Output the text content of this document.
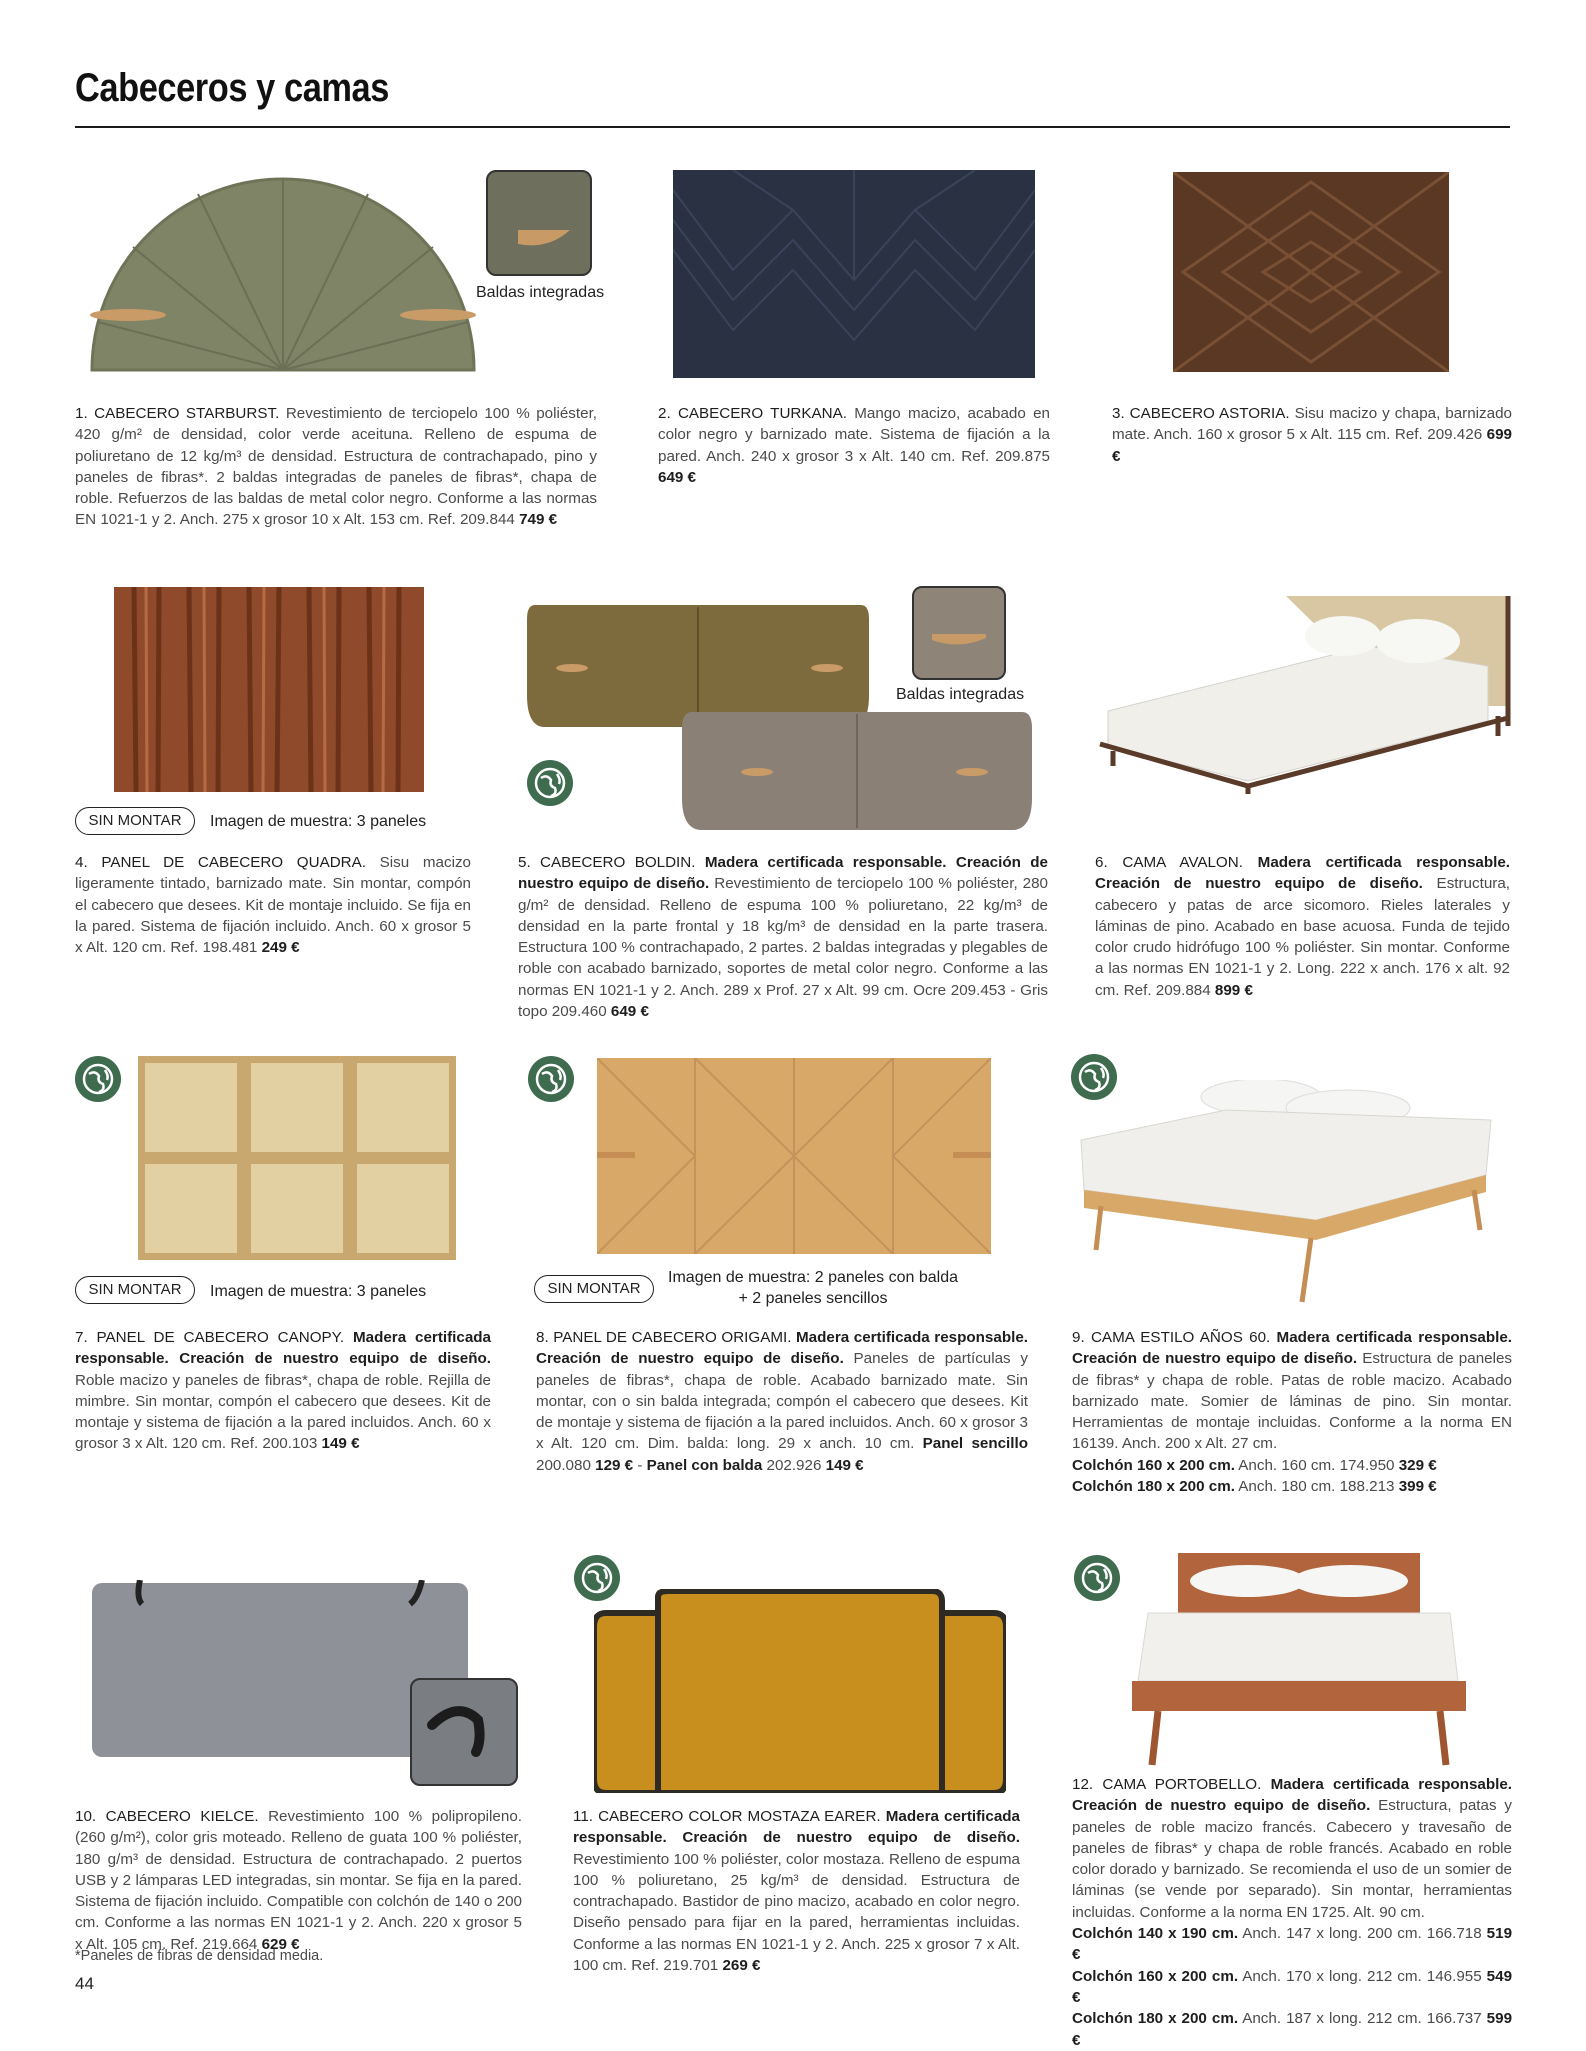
Cabeceros y camas
Baldas integradas
1. CABECERO STARBURST. Revestimiento de terciopelo 100 % poliéster, 420 g/m² de densidad, color verde aceituna. Relleno de espuma de poliuretano de 12 kg/m³ de densidad. Estructura de contrachapado, pino y paneles de fibras*. 2 baldas integradas de paneles de fibras*, chapa de roble. Refuerzos de las baldas de metal color negro. Conforme a las normas EN 1021-1 y 2. Anch. 275 x grosor 10 x Alt. 153 cm. Ref. 209.844 749 €
2. CABECERO TURKANA. Mango macizo, acabado en color negro y barnizado mate. Sistema de fijación a la pared. Anch. 240 x grosor 3 x Alt. 140 cm. Ref. 209.875 649 €
3. CABECERO ASTORIA. Sisu macizo y chapa, barnizado mate. Anch. 160 x grosor 5 x Alt. 115 cm. Ref. 209.426 699 €
SIN MONTAR	Imagen de muestra: 3 paneles
Baldas integradas
4. PANEL DE CABECERO QUADRA. Sisu macizo ligeramente tintado, barnizado mate. Sin montar, compón el cabecero que desees. Kit de montaje incluido. Se fija en la pared. Sistema de fijación incluido. Anch. 60 x grosor 5 x Alt. 120 cm. Ref. 198.481 249 €
5. CABECERO BOLDIN. Madera certificada responsable. Creación de nuestro equipo de diseño. Revestimiento de terciopelo 100 % poliéster, 280 g/m² de densidad. Relleno de espuma 100 % poliuretano, 22 kg/m³ de densidad en la parte frontal y 18 kg/m³ de densidad en la parte trasera. Estructura 100 % contrachapado, 2 partes. 2 baldas integradas y plegables de roble con acabado barnizado, soportes de metal color negro. Conforme a las normas EN 1021-1 y 2. Anch. 289 x Prof. 27 x Alt. 99 cm. Ocre 209.453 - Gris topo 209.460 649 €
6. CAMA AVALON. Madera certificada responsable. Creación de nuestro equipo de diseño. Estructura, cabecero y patas de arce sicomoro. Rieles laterales y láminas de pino. Acabado en base acuosa. Funda de tejido color crudo hidrófugo 100 % poliéster. Sin montar. Conforme a las normas EN 1021-1 y 2. Long. 222 x anch. 176 x alt. 92 cm. Ref. 209.884 899 €
SIN MONTAR	Imagen de muestra: 3 paneles	SIN MONTAR
Imagen de muestra: 2 paneles con balda + 2 paneles sencillos
7. PANEL DE CABECERO CANOPY. Madera certificada responsable. Creación de nuestro equipo de diseño. Roble macizo y paneles de fibras*, chapa de roble. Rejilla de mimbre. Sin montar, compón el cabecero que desees. Kit de montaje y sistema de fijación a la pared incluidos. Anch. 60 x grosor 3 x Alt. 120 cm. Ref. 200.103 149 €
8. PANEL DE CABECERO ORIGAMI. Madera certificada responsable. Creación de nuestro equipo de diseño. Paneles de partículas y paneles de fibras*, chapa de roble. Acabado barnizado mate. Sin montar, con o sin balda integrada; compón el cabecero que desees. Kit de montaje y sistema de fijación a la pared incluidos. Anch. 60 x grosor 3 x Alt. 120 cm. Dim. balda: long. 29 x anch. 10 cm. Panel sencillo 200.080 129 € - Panel con balda 202.926 149 €
9. CAMA ESTILO AÑOS 60. Madera certificada responsable. Creación de nuestro equipo de diseño. Estructura de paneles de fibras* y chapa de roble. Patas de roble macizo. Acabado barnizado mate. Somier de láminas de pino. Sin montar. Herramientas de montaje incluidas. Conforme a la norma EN 16139. Anch. 200 x Alt. 27 cm.
Colchón 160 x 200 cm. Anch. 160 cm. 174.950 329 €
Colchón 180 x 200 cm. Anch. 180 cm. 188.213 399 €
10. CABECERO KIELCE. Revestimiento 100 % polipropileno. (260 g/m²), color gris moteado. Relleno de guata 100 % poliéster, 180 g/m³ de densidad. Estructura de contrachapado. 2 puertos USB y 2 lámparas LED integradas, sin montar. Se fija en la pared. Sistema de fijación incluido. Compatible con colchón de 140 o 200 cm. Conforme a las normas EN 1021-1 y 2. Anch. 220 x grosor 5 x Alt. 105 cm. Ref. 219.664 629 €
11. CABECERO COLOR MOSTAZA EARER. Madera certificada responsable. Creación de nuestro equipo de diseño. Revestimiento 100 % poliéster, color mostaza. Relleno de espuma 100 % poliuretano, 25 kg/m³ de densidad. Estructura de contrachapado. Bastidor de pino macizo, acabado en color negro. Diseño pensado para fijar en la pared, herramientas incluidas. Conforme a las normas EN 1021-1 y 2. Anch. 225 x grosor 7 x Alt. 100 cm. Ref. 219.701 269 €
12. CAMA PORTOBELLO. Madera certificada responsable. Creación de nuestro equipo de diseño. Estructura, patas y paneles de roble macizo francés. Cabecero y travesaño de paneles de fibras* y chapa de roble francés. Acabado en roble color dorado y barnizado. Se recomienda el uso de un somier de láminas (se vende por separado). Sin montar, herramientas incluidas. Conforme a la norma EN 1725. Alt. 90 cm.
Colchón 140 x 190 cm. Anch. 147 x long. 200 cm. 166.718 519 €
Colchón 160 x 200 cm. Anch. 170 x long. 212 cm. 146.955 549 €
Colchón 180 x 200 cm. Anch. 187 x long. 212 cm. 166.737 599 €
*Paneles de fibras de densidad media.
44
